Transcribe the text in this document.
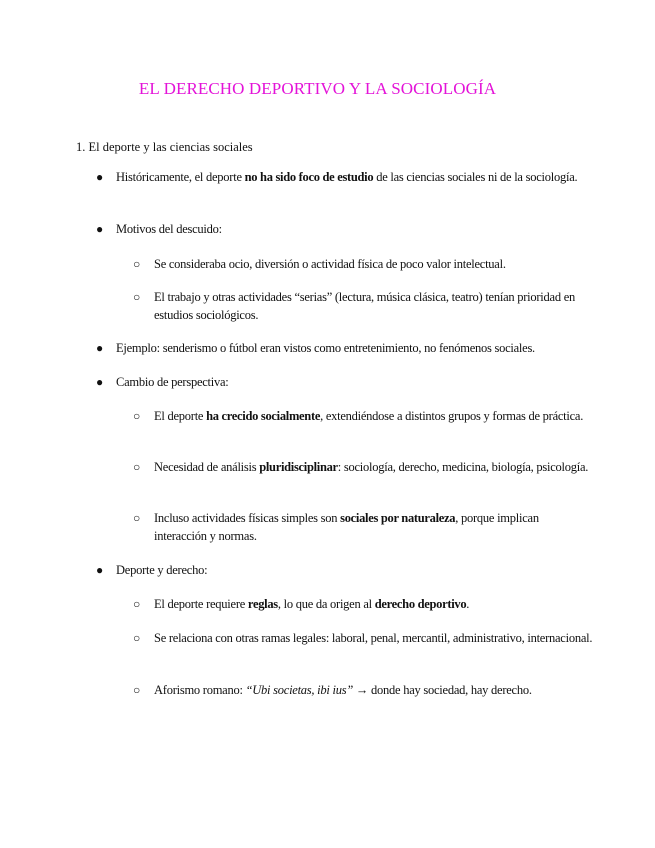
EL DERECHO DEPORTIVO Y LA SOCIOLOGÍA
1. El deporte y las ciencias sociales
● Históricamente, el deporte no ha sido foco de estudio de las ciencias sociales ni de la sociología.
● Motivos del descuido:
○ Se consideraba ocio, diversión o actividad física de poco valor intelectual.
○ El trabajo y otras actividades “serias” (lectura, música clásica, teatro) tenían prioridad en estudios sociológicos.
● Ejemplo: senderismo o fútbol eran vistos como entretenimiento, no fenómenos sociales.
● Cambio de perspectiva:
○ El deporte ha crecido socialmente, extendiéndose a distintos grupos y formas de práctica.
○ Necesidad de análisis pluridisciplinar: sociología, derecho, medicina, biología, psicología.
○ Incluso actividades físicas simples son sociales por naturaleza, porque implican interacción y normas.
● Deporte y derecho:
○ El deporte requiere reglas, lo que da origen al derecho deportivo.
○ Se relaciona con otras ramas legales: laboral, penal, mercantil, administrativo, internacional.
○ Aforismo romano: “Ubi societas, ibi ius” → donde hay sociedad, hay derecho.
